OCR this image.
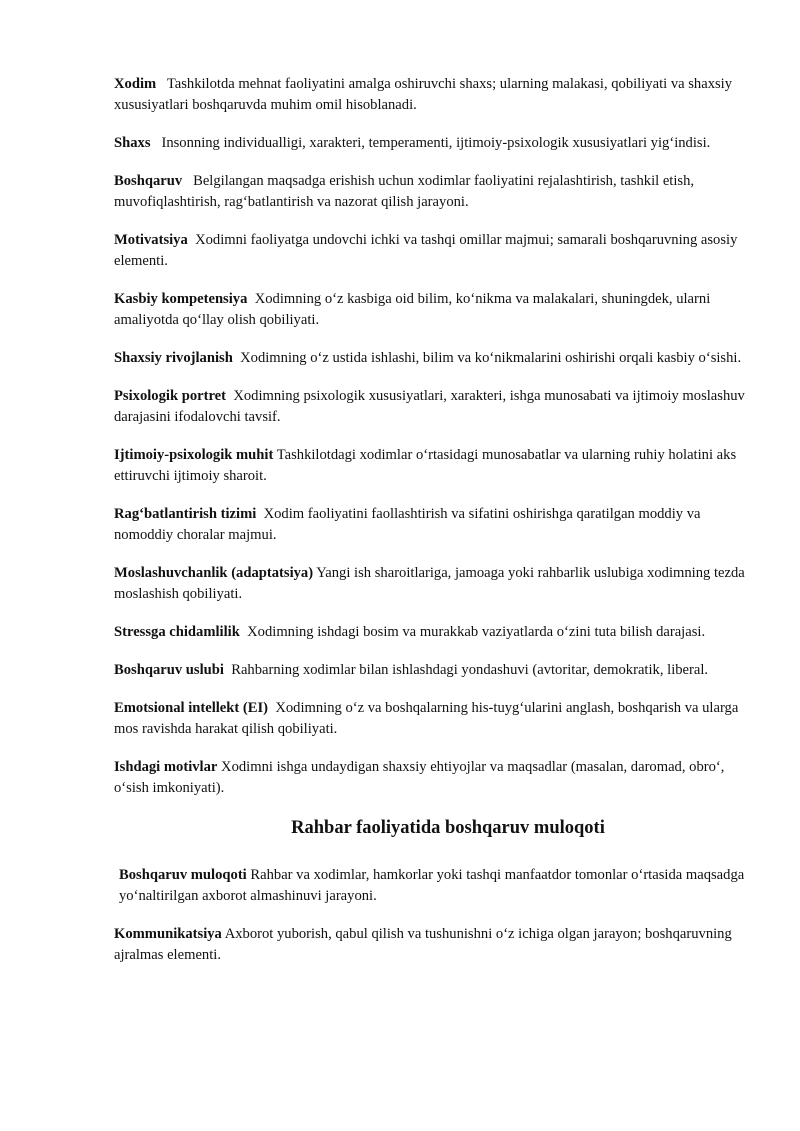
Xodim Tashkilotda mehnat faoliyatini amalga oshiruvchi shaxs; ularning malakasi, qobiliyati va shaxsiy xususiyatlari boshqaruvda muhim omil hisoblanadi.

Shaxs Insonning individualligi, xarakteri, temperamenti, ijtimoiy-psixologik xususiyatlari yig‘indisi.

Boshqaruv Belgilangan maqsadga erishish uchun xodimlar faoliyatini rejalashtirish, tashkil etish, muvofiqlashtirish, rag‘batlantirish va nazorat qilish jarayoni.

Motivatsiya Xodimni faoliyatga undovchi ichki va tashqi omillar majmui; samarali boshqaruvning asosiy elementi.

Kasbiy kompetensiya Xodimning o‘z kasbiga oid bilim, ko‘nikma va malakalari, shuningdek, ularni amaliyotda qo‘llay olish qobiliyati.

Shaxsiy rivojlanish Xodimning o‘z ustida ishlashi, bilim va ko‘nikmalarini oshirishi orqali kasbiy o‘sishi.

Psixologik portret Xodimning psixologik xususiyatlari, xarakteri, ishga munosabati va ijtimoiy moslashuv darajasini ifodalovchi tavsif.

Ijtimoiy-psixologik muhit Tashkilotdagi xodimlar o‘rtasidagi munosabatlar va ularning ruhiy holatini aks ettiruvchi ijtimoiy sharoit.

Rag‘batlantirish tizimi Xodim faoliyatini faollashtirish va sifatini oshirishga qaratilgan moddiy va nomoddiy choralar majmui.

Moslashuvchanlik (adaptatsiya) Yangi ish sharoitlariga, jamoaga yoki rahbarlik uslubiga xodimning tezda moslashish qobiliyati.

Stressga chidamlilik Xodimning ishdagi bosim va murakkab vaziyatlarda o‘zini tuta bilish darajasi.

Boshqaruv uslubi Rahbarning xodimlar bilan ishlashdagi yondashuvi (avtoritar, demokratik, liberal.

Emotsional intellekt (EI) Xodimning o‘z va boshqalarning his-tuyg‘ularini anglash, boshqarish va ularga mos ravishda harakat qilish qobiliyati.

Ishdagi motivlar Xodimni ishga undaydigan shaxsiy ehtiyojlar va maqsadlar (masalan, daromad, obro‘, o‘sish imkoniyati).

Rahbar faoliyatida boshqaruv muloqoti

Boshqaruv muloqoti Rahbar va xodimlar, hamkorlar yoki tashqi manfaatdor tomonlar o‘rtasida maqsadga yo‘naltirilgan axborot almashinuvi jarayoni.

Kommunikatsiya Axborot yuborish, qabul qilish va tushunishni o‘z ichiga olgan jarayon; boshqaruvning ajralmas elementi.
